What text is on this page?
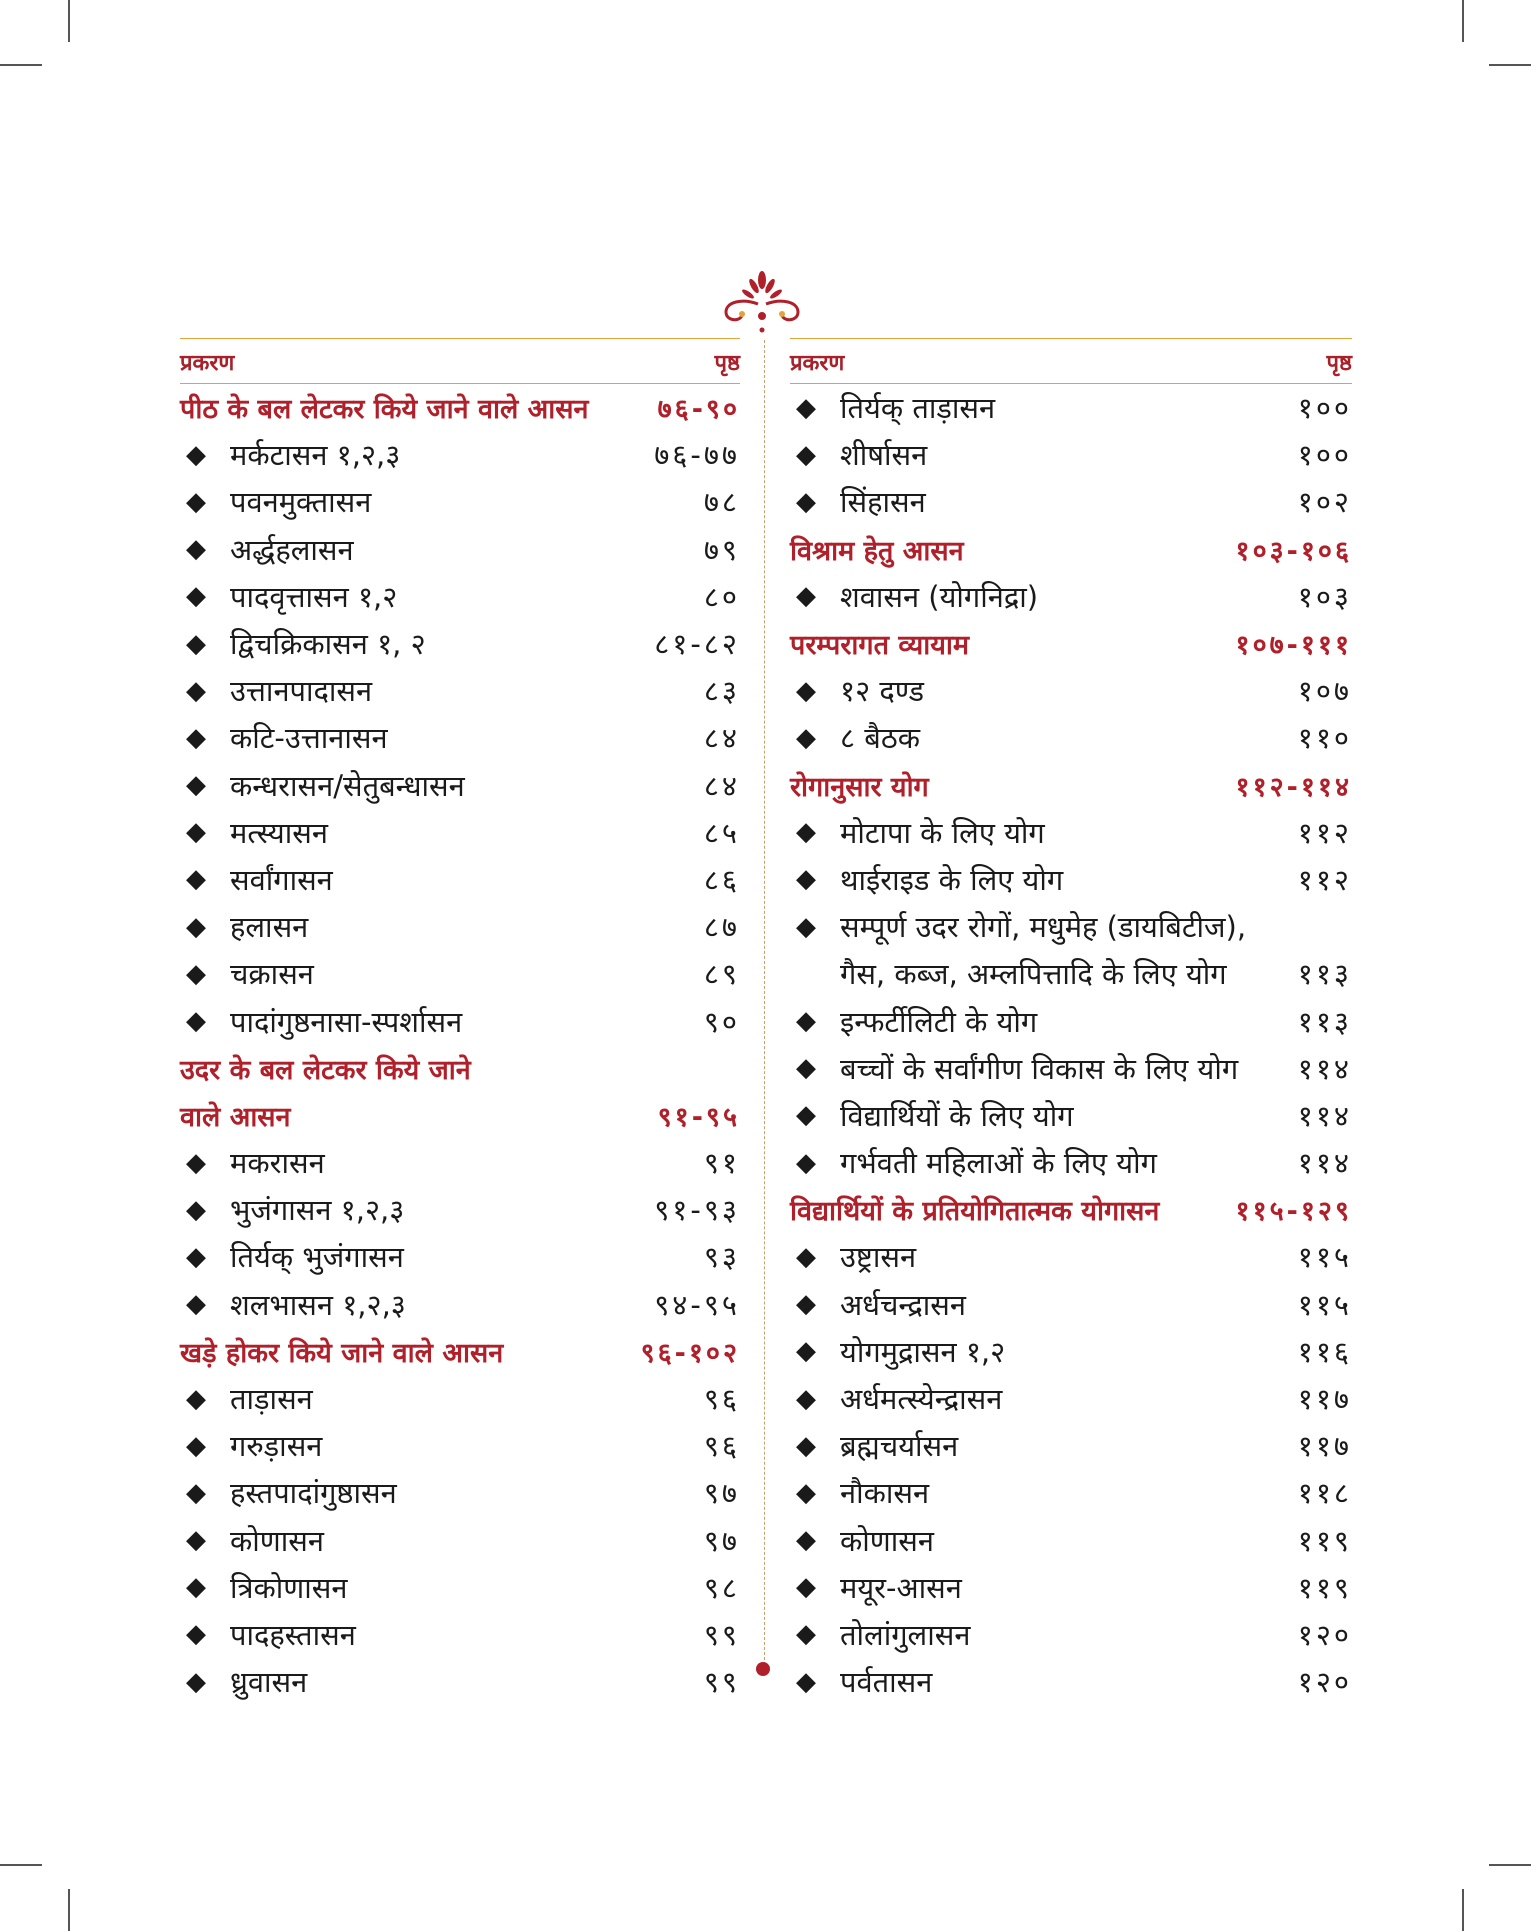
प्रकरण	पृष्ठ
पीठ के बल लेटकर किये जाने वाले आसन	७६-९०
◆ मर्कटासन १,२,३	७६-७७
◆ पवनमुक्तासन	७८
◆ अर्द्धहलासन	७९
◆ पादवृत्तासन १,२	८०
◆ द्विचक्रिकासन १, २	८१-८२
◆ उत्तानपादासन	८३
◆ कटि-उत्तानासन	८४
◆ कन्धरासन/सेतुबन्धासन	८४
◆ मत्स्यासन	८५
◆ सर्वांगासन	८६
◆ हलासन	८७
◆ चक्रासन	८९
◆ पादांगुष्ठनासा-स्पर्शासन	९०
उदर के बल लेटकर किये जाने
वाले आसन	९१-९५
◆ मकरासन	९१
◆ भुजंगासन १,२,३	९१-९३
◆ तिर्यक् भुजंगासन	९३
◆ शलभासन १,२,३	९४-९५
खड़े होकर किये जाने वाले आसन	९६-१०२
◆ ताड़ासन	९६
◆ गरुड़ासन	९६
◆ हस्तपादांगुष्ठासन	९७
◆ कोणासन	९७
◆ त्रिकोणासन	९८
◆ पादहस्तासन	९९
◆ ध्रुवासन	९९
प्रकरण	पृष्ठ
◆ तिर्यक् ताड़ासन	१००
◆ शीर्षासन	१००
◆ सिंहासन	१०२
विश्राम हेतु आसन	१०३-१०६
◆ शवासन (योगनिद्रा)	१०३
परम्परागत व्यायाम	१०७-१११
◆ १२ दण्ड	१०७
◆ ८ बैठक	११०
रोगानुसार योग	११२-११४
◆ मोटापा के लिए योग	११२
◆ थाईराइड के लिए योग	११२
◆ सम्पूर्ण उदर रोगों, मधुमेह (डायबिटीज),
गैस, कब्ज, अम्लपित्तादि के लिए योग	११३
◆ इन्फर्टीलिटी के योग	११३
◆ बच्चों के सर्वांगीण विकास के लिए योग	११४
◆ विद्यार्थियों के लिए योग	११४
◆ गर्भवती महिलाओं के लिए योग	११४
विद्यार्थियों के प्रतियोगितात्मक योगासन	११५-१२९
◆ उष्ट्रासन	११५
◆ अर्धचन्द्रासन	११५
◆ योगमुद्रासन १,२	११६
◆ अर्धमत्स्येन्द्रासन	११७
◆ ब्रह्मचर्यासन	११७
◆ नौकासन	११८
◆ कोणासन	११९
◆ मयूर-आसन	११९
◆ तोलांगुलासन	१२०
◆ पर्वतासन	१२०
